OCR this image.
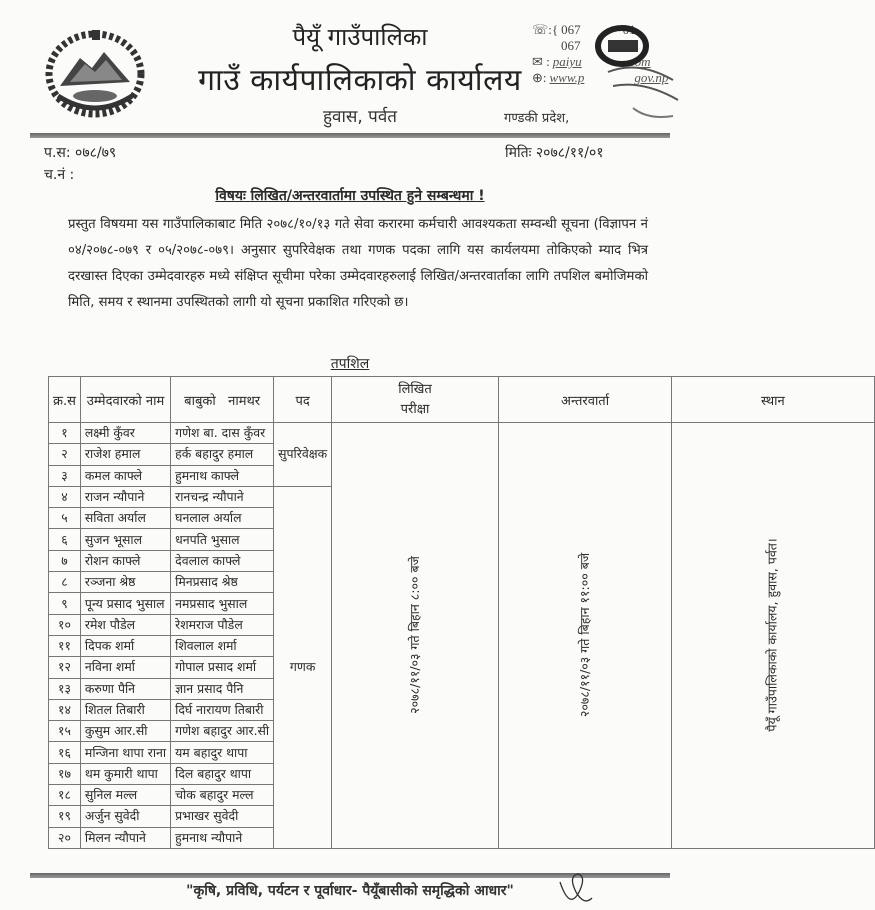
पैयूँ गाउँपालिका
गाउँ कार्यपालिकाको कार्यालय
हुवास, पर्वत
☏:{ 067	01
067
✉ : paiyu	.com
⊕: www.p	gov.np
गण्डकी प्रदेश,
प.स: ०७८/७९	मितिः २०७८/११/०१
च.नं :
विषयः लिखित/अन्तरवार्तामा उपस्थित हुने सम्बन्धमा !
प्रस्तुत विषयमा यस गाउँपालिकाबाट मिति २०७८/१०/१३ गते सेवा करारमा कर्मचारी आवश्यकता सम्वन्धी सूचना (विज्ञापन नं ०४/२०७८-०७९ र ०५/२०७८-०७९। अनुसार सुपरिवेक्षक तथा गणक पदका लागि यस कार्यलयमा तोकिएको म्याद भित्र दरखास्त दिएका उम्मेदवारहरु मध्ये संक्षिप्त सूचीमा परेका उम्मेदवारहरुलाई लिखित/अन्तरवार्ताका लागि तपशिल बमोजिमको मिति, समय र स्थानमा उपस्थितको लागी यो सूचना प्रकाशित गरिएको छ।
तपशिल
क्र.स	उम्मेदवारको नाम	बाबुको   नामथर	पद	लिखित
परीक्षा	अन्तरवार्ता	स्थान
१	लक्ष्मी कुँवर	गणेश बा. दास कुँवर	सुपरिवेक्षक	२०७८/११/०३ गते बिहान ८:०० बजे	२०७८/११/०३ गते बिहान ११:०० बजे	पैयूँ गाउँपालिकाको कार्यालय, हुवास, पर्वत।
२	राजेश हमाल	हर्क बहादुर हमाल
३	कमल काफ्ले	हुमनाथ काफ्ले
४	राजन न्यौपाने	रानचन्द्र न्यौपाने	गणक
५	सविता अर्याल	घनलाल अर्याल
६	सुजन भूसाल	धनपति भुसाल
७	रोशन काफ्ले	देवलाल काफ्ले
८	रञ्जना श्रेष्ठ	मिनप्रसाद श्रेष्ठ
९	पून्य प्रसाद भुसाल	नमप्रसाद भुसाल
१०	रमेश पौडेल	रेशमराज पौडेल
११	दिपक शर्मा	शिवलाल शर्मा
१२	नविना शर्मा	गोपाल प्रसाद शर्मा
१३	करुणा पैनि	ज्ञान प्रसाद पैनि
१४	शितल तिबारी	दिर्घ नारायण तिबारी
१५	कुसुम आर.सी	गणेश बहादुर आर.सी
१६	मन्जिना थापा राना	यम बहादुर थापा
१७	थम कुमारी थापा	दिल बहादुर थापा
१८	सुनिल मल्ल	चोक बहादुर मल्ल
१९	अर्जुन सुवेदी	प्रभाखर सुवेदी
२०	मिलन न्यौपाने	हुमनाथ न्यौपाने
"कृषि, प्रविधि, पर्यटन र पूर्वाधार- पैयूँबासीको समृद्धिको आधार"
